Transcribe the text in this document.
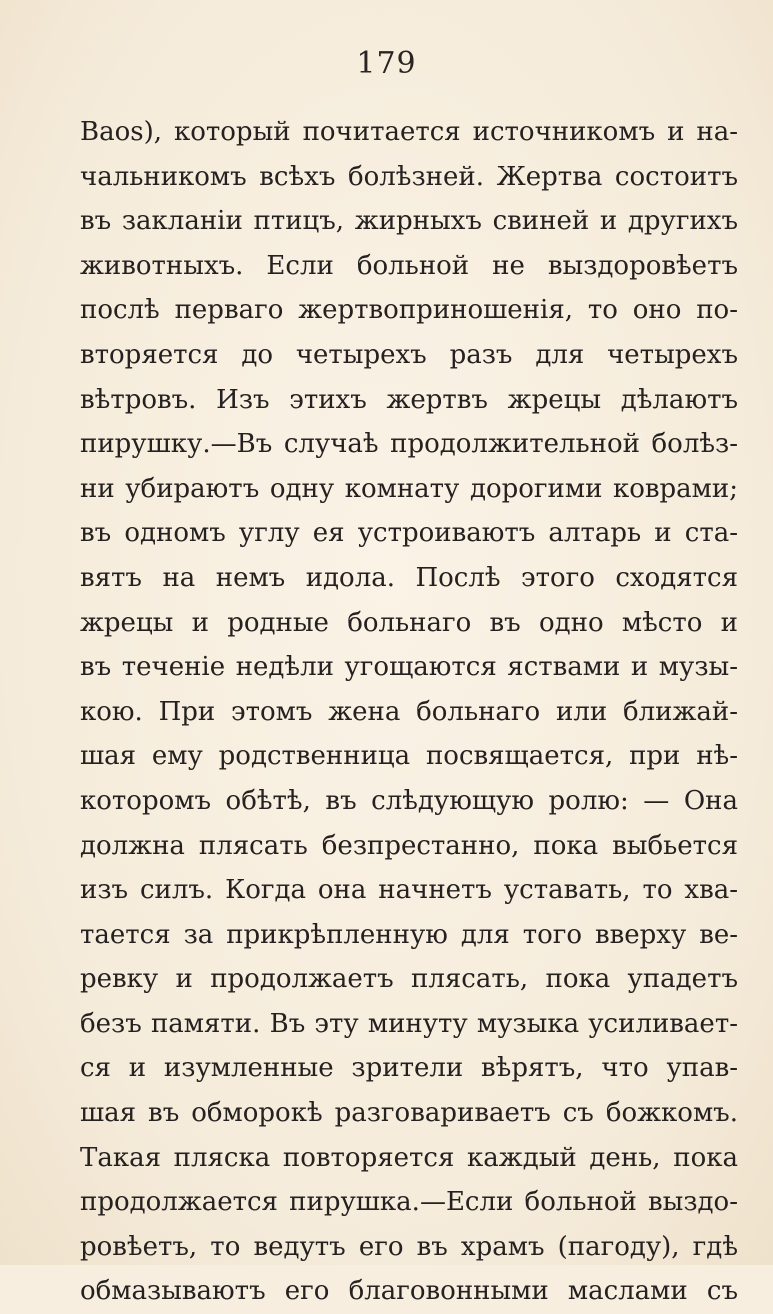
179
Baos), который почитается источникомъ и на-
чальникомъ всѣхъ болѣзней. Жертва состоитъ
въ закланіи птицъ, жирныхъ свиней и другихъ
животныхъ. Если больной не выздоровѣетъ
послѣ перваго жертвоприношенія, то оно по-
вторяется до четырехъ разъ для четырехъ
вѣтровъ. Изъ этихъ жертвъ жрецы дѣлаютъ
пирушку.—Въ случаѣ продолжительной болѣз-
ни убираютъ одну комнату дорогими коврами;
въ одномъ углу ея устроиваютъ алтарь и ста-
вятъ на немъ идола. Послѣ этого сходятся
жрецы и родные больнаго въ одно мѣсто и
въ теченіе недѣли угощаются яствами и музы-
кою. При этомъ жена больнаго или ближай-
шая ему родственница посвящается, при нѣ-
которомъ обѣтѣ, въ слѣдующую ролю: — Она
должна плясать безпрестанно, пока выбьется
изъ силъ. Когда она начнетъ уставать, то хва-
тается за прикрѣпленную для того вверху ве-
ревку и продолжаетъ плясать, пока упадетъ
безъ памяти. Въ эту минуту музыка усиливает-
ся и изумленные зрители вѣрятъ, что упав-
шая въ обморокѣ разговариваетъ съ божкомъ.
Такая пляска повторяется каждый день, пока
продолжается пирушка.—Если больной выздо-
ровѣетъ, то ведутъ его въ храмъ (пагоду), гдѣ
обмазываютъ его благовонными маслами съ
